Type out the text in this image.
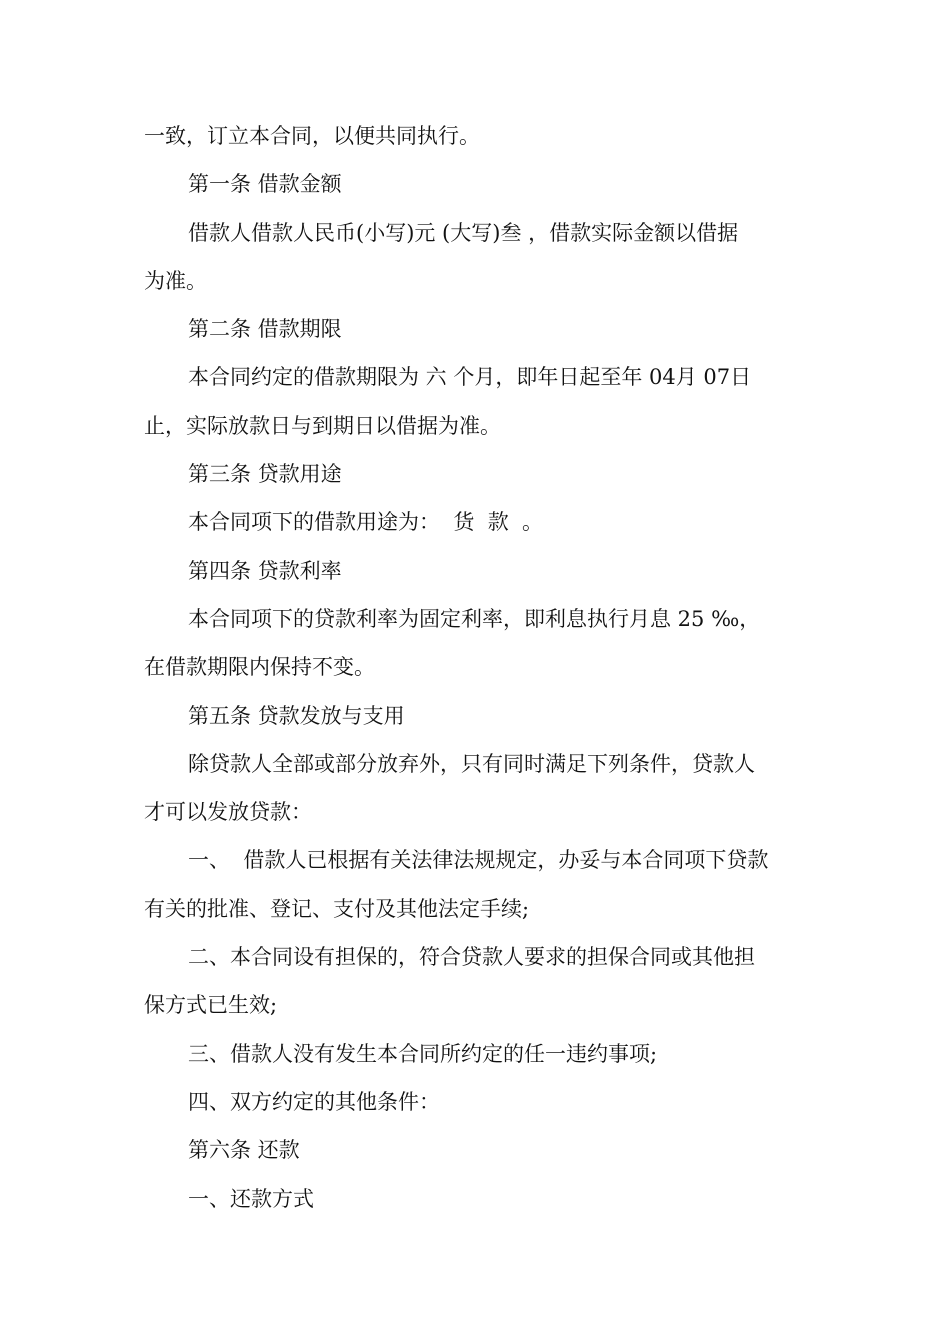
一致，订立本合同，以便共同执行。
第一条 借款金额
借款人借款人民币(小写)元 (大写)叁 ，借款实际金额以借据
为准。
第二条 借款期限
本合同约定的借款期限为 六 个月，即年日起至年 04月 07日
止，实际放款日与到期日以借据为准。
第三条 贷款用途
本合同项下的借款用途为：  货  款  。
第四条 贷款利率
本合同项下的贷款利率为固定利率，即利息执行月息 25 ‰，
在借款期限内保持不变。
第五条 贷款发放与支用
除贷款人全部或部分放弃外，只有同时满足下列条件，贷款人
才可以发放贷款：
一、  借款人已根据有关法律法规规定，办妥与本合同项下贷款
有关的批准、登记、支付及其他法定手续;
二、本合同设有担保的，符合贷款人要求的担保合同或其他担
保方式已生效;
三、借款人没有发生本合同所约定的任一违约事项;
四、双方约定的其他条件：
第六条 还款
一、还款方式
